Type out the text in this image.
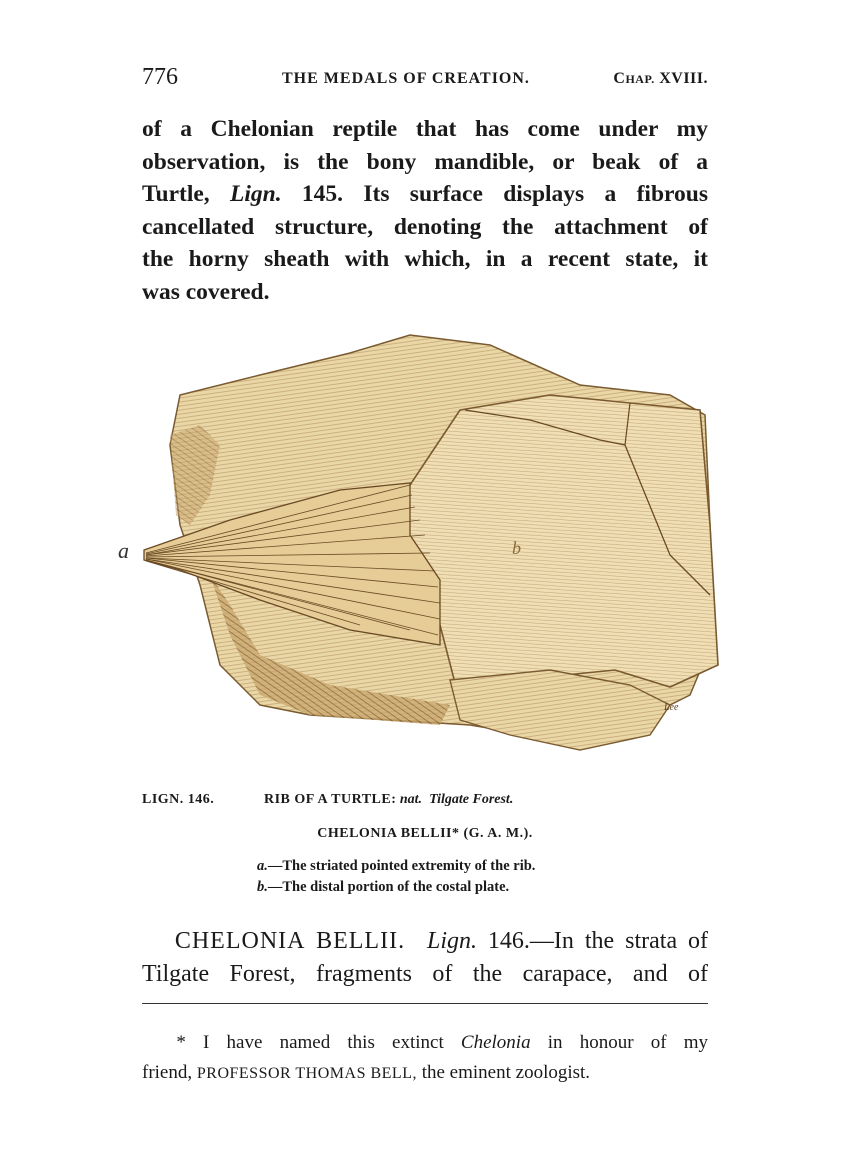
776	THE MEDALS OF CREATION.	CHAP. XVIII.
of a Chelonian reptile that has come under my
observation, is the bony mandible, or beak of a
Turtle, Lign. 145. Its surface displays a fibrous
cancellated structure, denoting the attachment of
the horny sheath with which, in a recent state, it
was covered.
a	b
Lee
LIGN. 146.	RIB OF A TURTLE: nat. Tilgate Forest.
CHELONIA BELLII* (G. A. M.).
a.—The striated pointed extremity of the rib.
b.—The distal portion of the costal plate.
CHELONIA BELLII. Lign. 146.—In the strata of
Tilgate Forest, fragments of the carapace, and of
* I have named this extinct Chelonia in honour of my
friend, PROFESSOR THOMAS BELL, the eminent zoologist.
